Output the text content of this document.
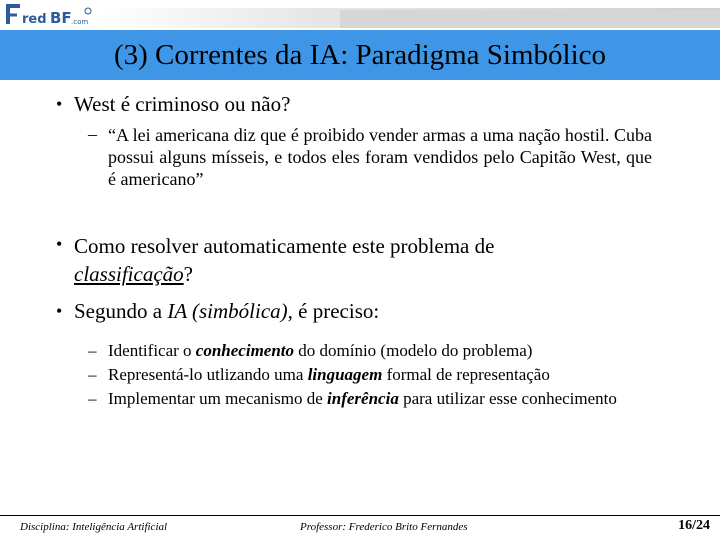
red BF .com
(3) Correntes da IA: Paradigma Simbólico
• West é criminoso ou não?
– “A lei americana diz que é proibido vender armas a uma nação hostil. Cuba possui alguns mísseis, e todos eles foram vendidos pelo Capitão West, que é americano”
• Como resolver automaticamente este problema de
classificação?
• Segundo a IA (simbólica), é preciso:
– Identificar o conhecimento do domínio (modelo do problema)
– Representá-lo utlizando uma linguagem formal de representação
– Implementar um mecanismo de inferência para utilizar esse conhecimento
Disciplina: Inteligência Artificial	Professor: Frederico Brito Fernandes	16/24
